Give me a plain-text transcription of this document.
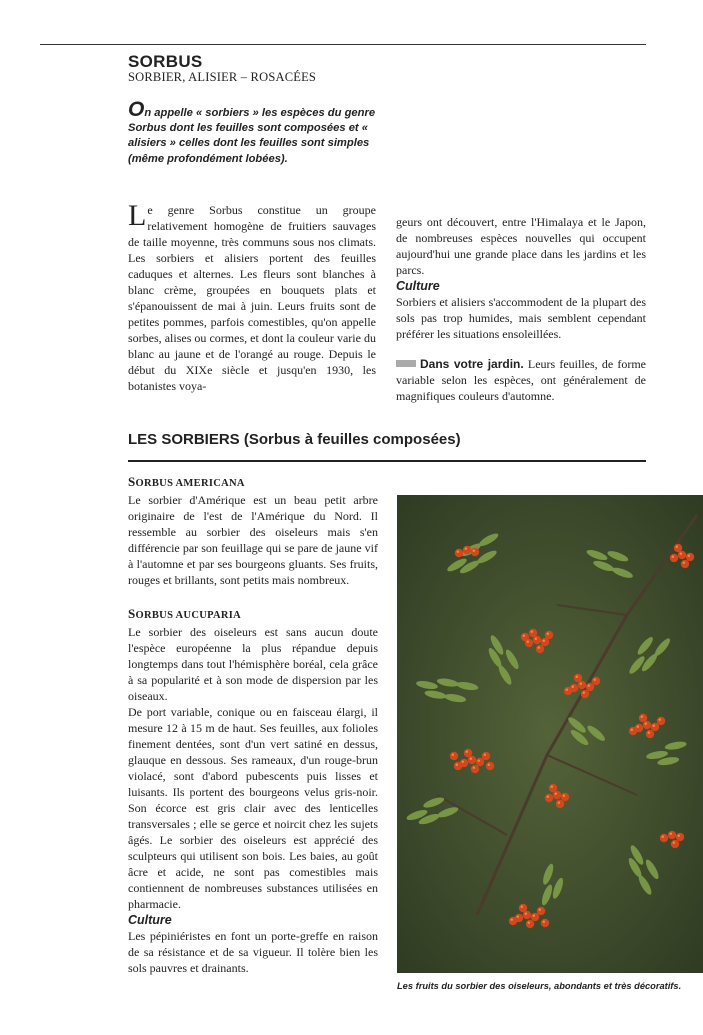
SORBUS
SORBIER, ALISIER – ROSACÉES
On appelle « sorbiers » les espèces du genre Sorbus dont les feuilles sont composées et « alisiers » celles dont les feuilles sont simples (même profondément lobées).

Le genre Sorbus constitue un groupe relativement homogène de fruitiers sauvages de taille moyenne, très communs sous nos climats. Les sorbiers et alisiers portent des feuilles caduques et alternes. Les fleurs sont blanches à blanc crème, groupées en bouquets plats et s'épanouissent de mai à juin. Leurs fruits sont de petites pommes, parfois comestibles, qu'on appelle sorbes, alises ou cormes, et dont la couleur varie du blanc au jaune et de l'orangé au rouge. Depuis le début du XIXe siècle et jusqu'en 1930, les botanistes voya-

geurs ont découvert, entre l'Himalaya et le Japon, de nombreuses espèces nouvelles qui occupent aujourd'hui une grande place dans les jardins et les parcs.

Culture

Sorbiers et alisiers s'accommodent de la plupart des sols pas trop humides, mais semblent cependant préférer les situations ensoleillées.

Dans votre jardin. Leurs feuilles, de forme variable selon les espèces, ont généralement de magnifiques couleurs d'automne.

LES SORBIERS (Sorbus à feuilles composées)
SORBUS AMERICANA

Le sorbier d'Amérique est un beau petit arbre originaire de l'est de l'Amérique du Nord. Il ressemble au sorbier des oiseleurs mais s'en différencie par son feuillage qui se pare de jaune vif à l'automne et par ses bourgeons gluants. Ses fruits, rouges et brillants, sont petits mais nombreux.

SORBUS AUCUPARIA

Le sorbier des oiseleurs est sans aucun doute l'espèce européenne la plus répandue depuis longtemps dans tout l'hémisphère boréal, cela grâce à sa popularité et à son mode de dispersion par les oiseaux.

De port variable, conique ou en faisceau élargi, il mesure 12 à 15 m de haut. Ses feuilles, aux folioles finement dentées, sont d'un vert satiné en dessus, glauque en dessous. Ses rameaux, d'un rouge-brun violacé, sont d'abord pubescents puis lisses et luisants. Ils portent des bourgeons velus gris-noir. Son écorce est gris clair avec des lenticelles transversales ; elle se gerce et noircit chez les sujets âgés. Le sorbier des oiseleurs est apprécié des sculpteurs qui utilisent son bois. Les baies, au goût âcre et acide, ne sont pas comestibles mais contiennent de nombreuses substances utilisées en pharmacie.

Culture

Les pépiniéristes en font un porte-greffe en raison de sa résistance et de sa vigueur. Il tolère bien les sols pauvres et drainants.

Les fruits du sorbier des oiseleurs, abondants et très décoratifs.
